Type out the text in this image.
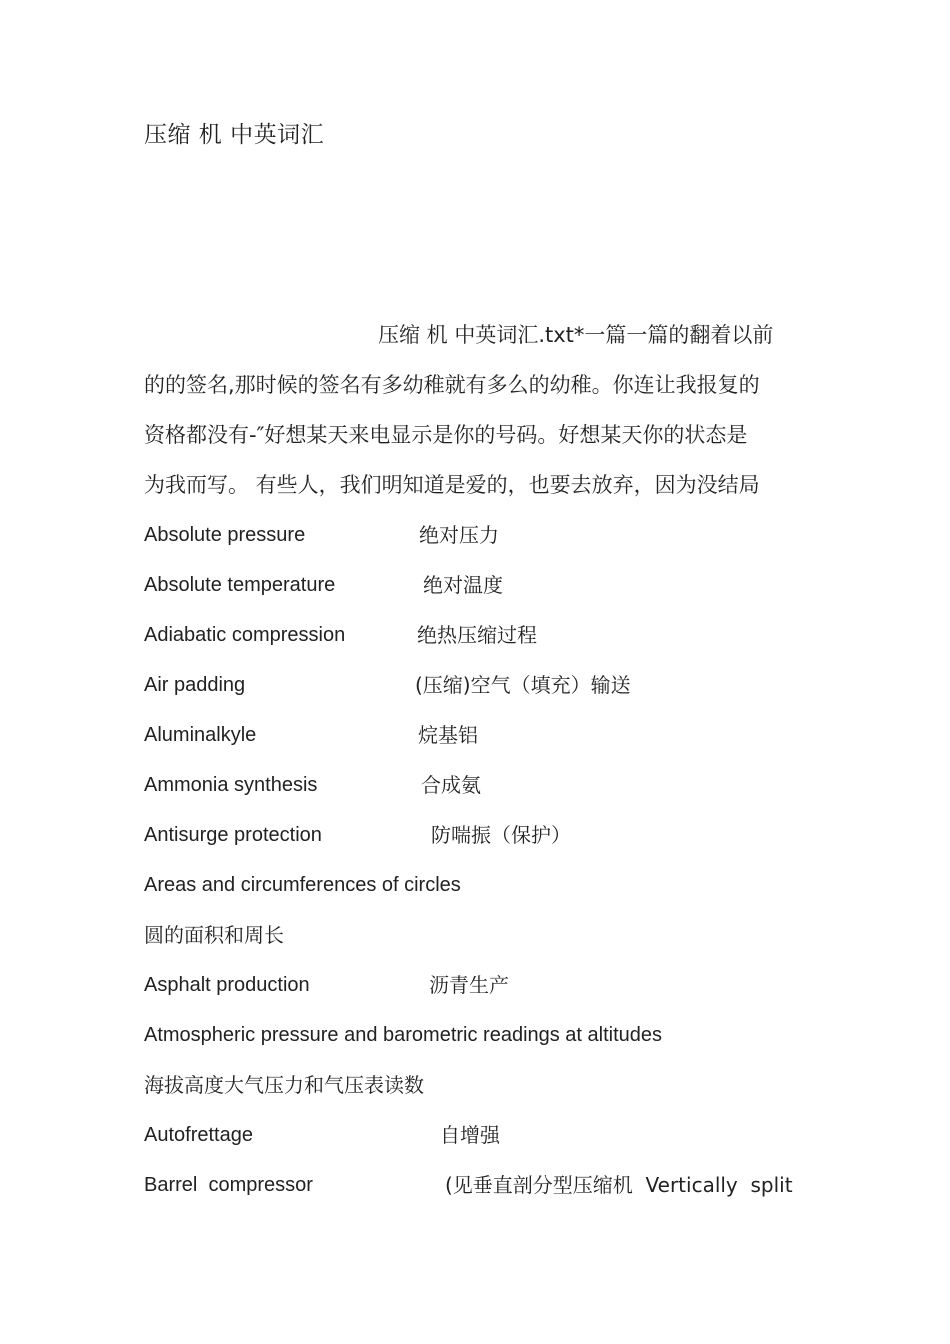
压缩 机 中英词汇
压缩 机 中英词汇.txt*一篇一篇的翻着以前
的的签名,那时候的签名有多幼稚就有多么的幼稚。你连让我报复的
资格都没有-″好想某天来电显示是你的号码。好想某天你的状态是
为我而写。 有些人，我们明知道是爱的，也要去放弃，因为没结局
Absolute pressure	绝对压力
Absolute temperature	绝对温度
Adiabatic compression	绝热压缩过程
Air padding	(压缩)空气（填充）输送
Aluminalkyle	烷基铝
Ammonia synthesis	合成氨
Antisurge protection	防喘振（保护）
Areas and circumferences of circles
圆的面积和周长
Asphalt production	沥青生产
Atmospheric pressure and barometric readings at altitudes
海拔高度大气压力和气压表读数
Autofrettage	自增强
Barrel  compressor	(见垂直剖分型压缩机  Vertically  split
